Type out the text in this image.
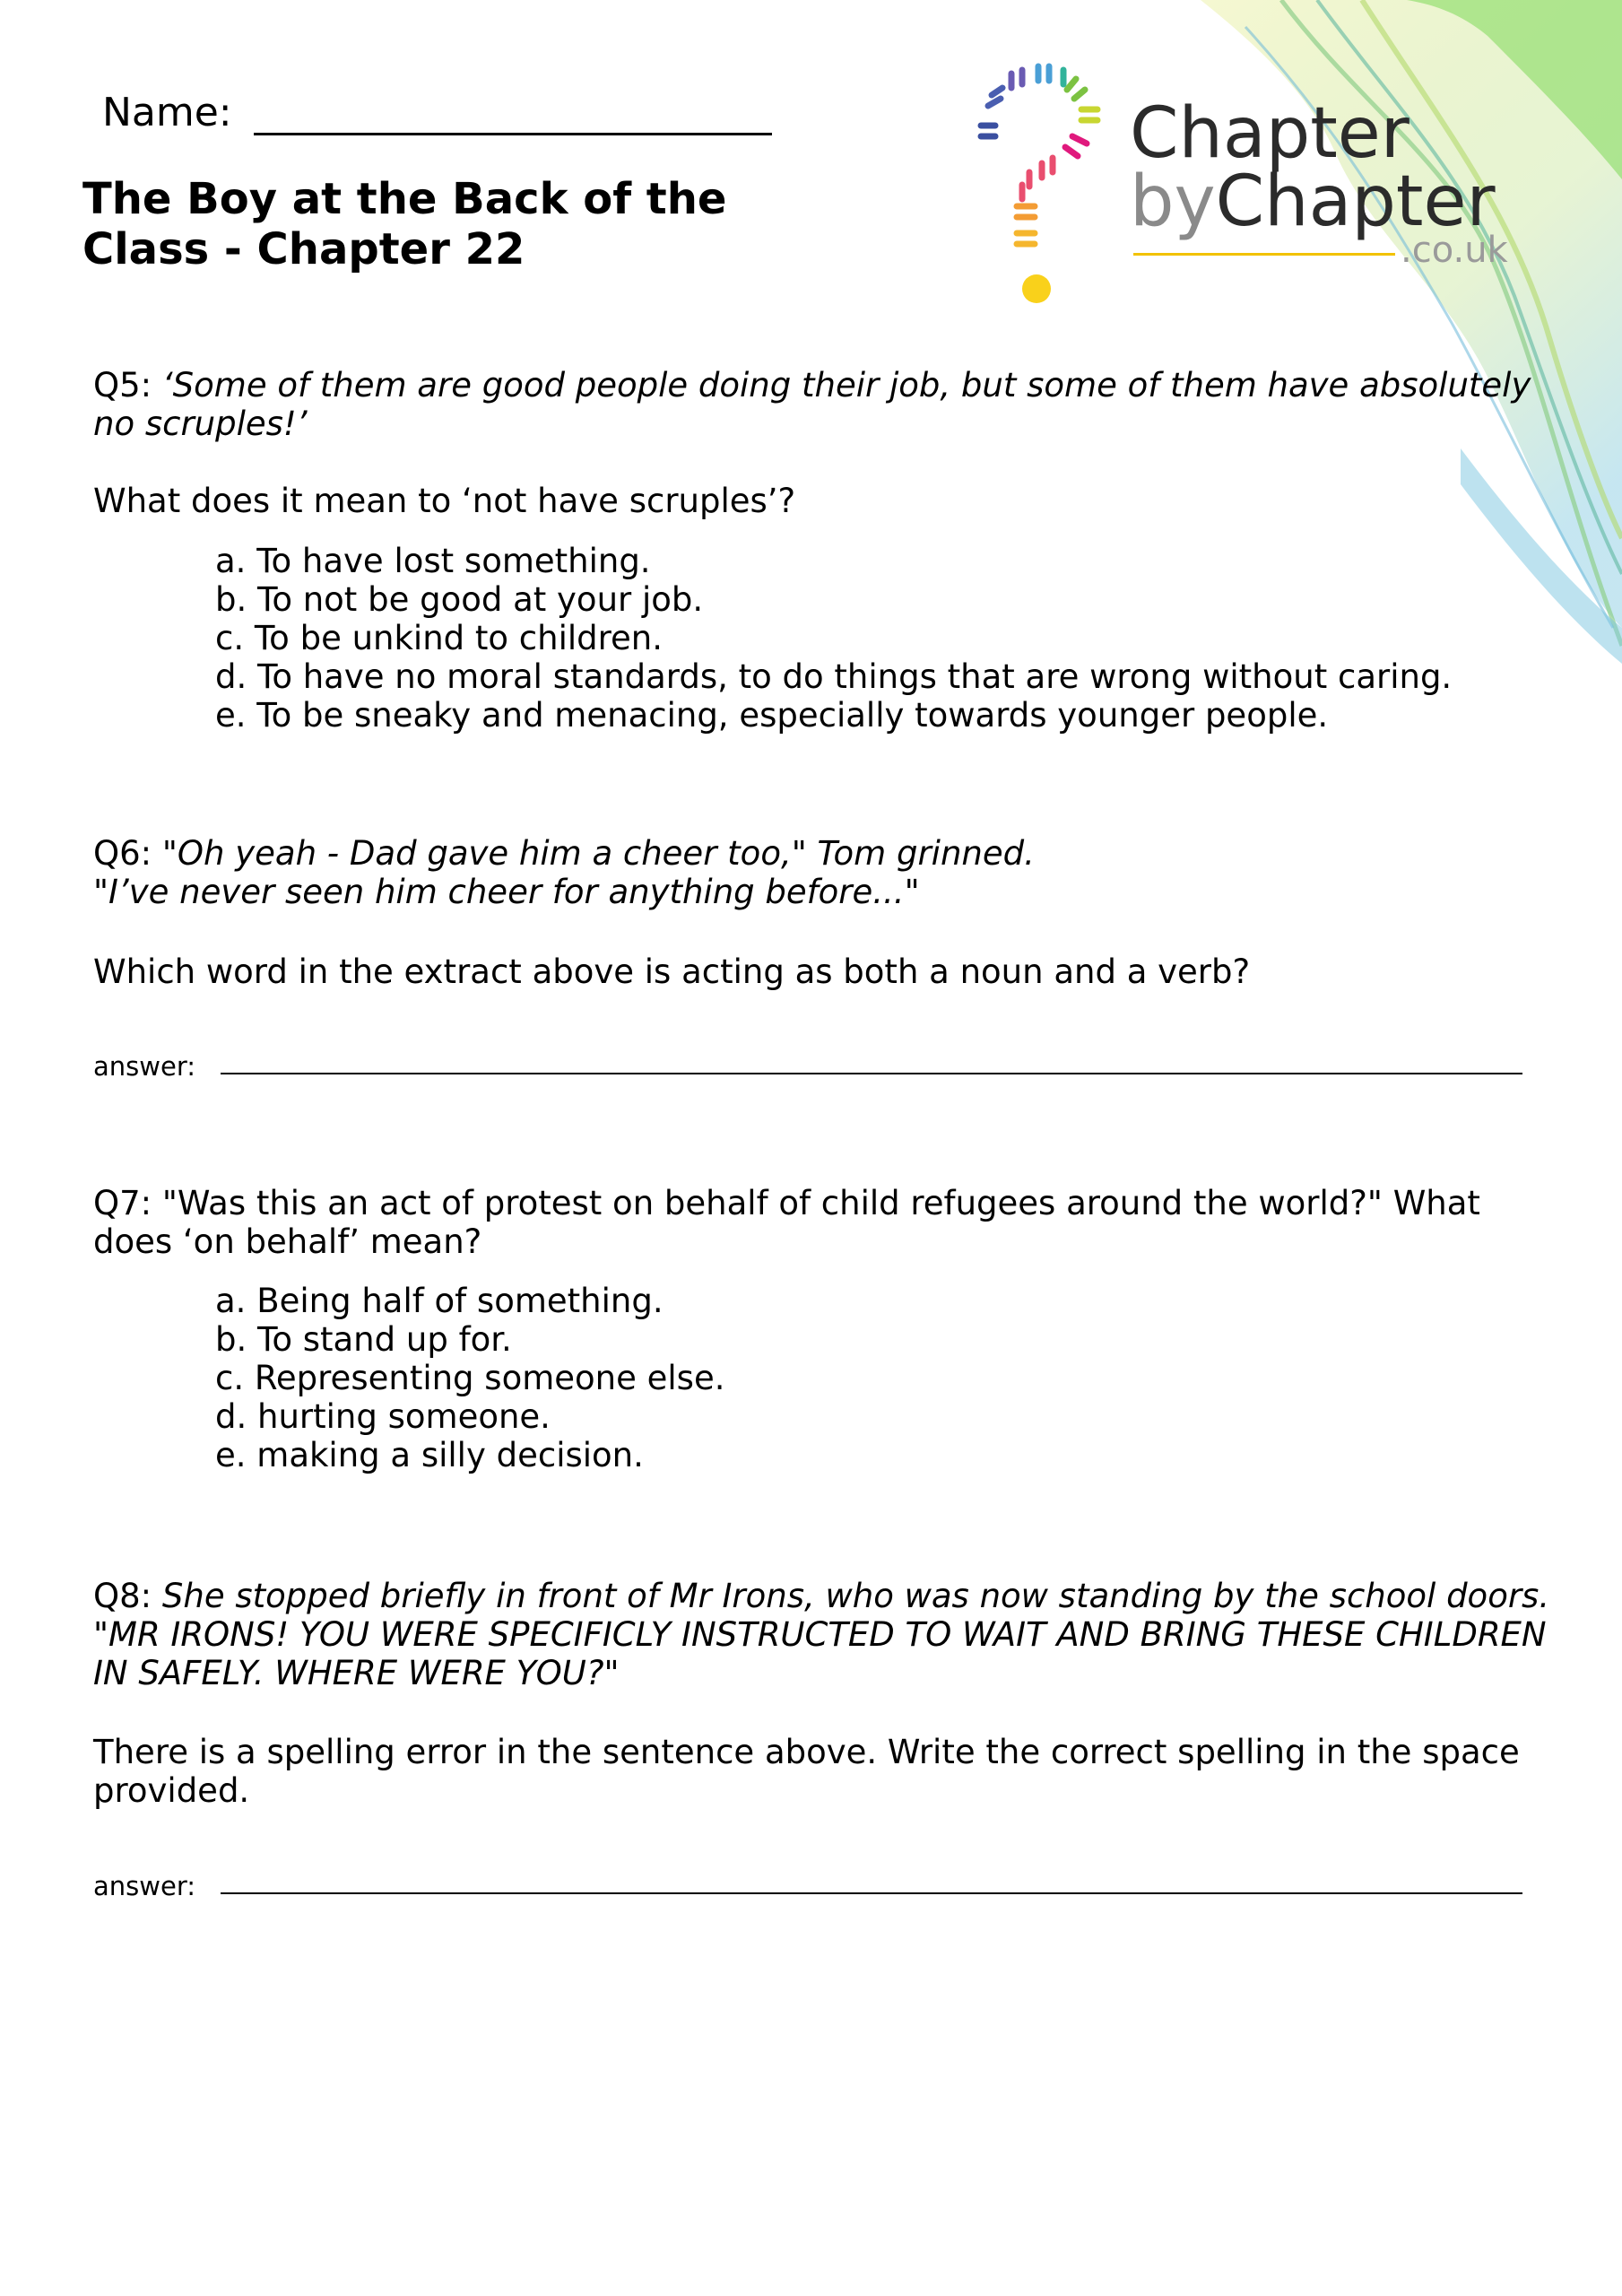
Name:
The Boy at the Back of the
Class - Chapter 22
Chapter
byChapter
.co.uk
Q5: ‘Some of them are good people doing their job, but some of them have absolutely
no scruples!’
What does it mean to ‘not have scruples’?
a. To have lost something.
b. To not be good at your job.
c. To be unkind to children.
d. To have no moral standards, to do things that are wrong without caring.
e. To be sneaky and menacing, especially towards younger people.
Q6: "Oh yeah - Dad gave him a cheer too," Tom grinned.
"I’ve never seen him cheer for anything before..."
Which word in the extract above is acting as both a noun and a verb?
answer:
Q7: "Was this an act of protest on behalf of child refugees around the world?" What
does ‘on behalf’ mean?
a. Being half of something.
b. To stand up for.
c. Representing someone else.
d. hurting someone.
e. making a silly decision.
Q8: She stopped briefly in front of Mr Irons, who was now standing by the school doors.
"MR IRONS! YOU WERE SPECIFICLY INSTRUCTED TO WAIT AND BRING THESE CHILDREN
IN SAFELY. WHERE WERE YOU?"
There is a spelling error in the sentence above. Write the correct spelling in the space
provided.
answer:
